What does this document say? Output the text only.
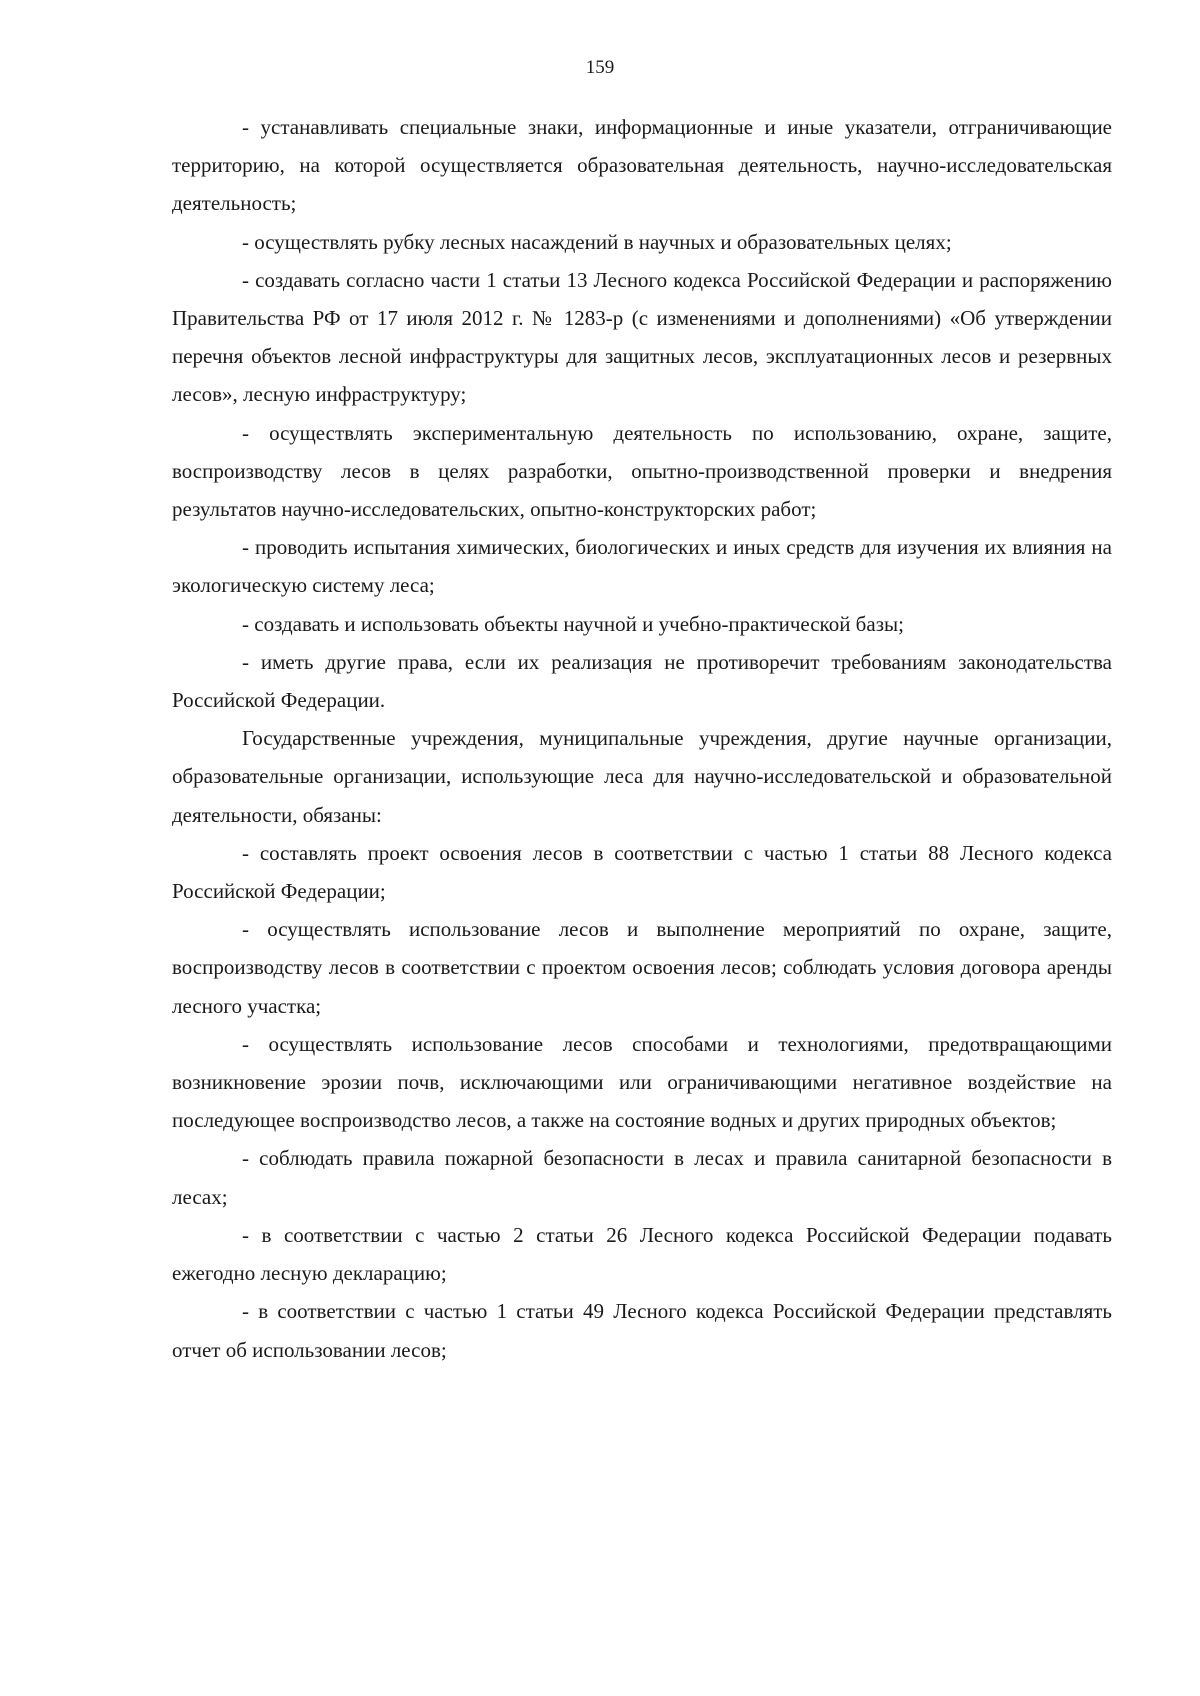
159

- устанавливать специальные знаки, информационные и иные указатели, отграничивающие территорию, на которой осуществляется образовательная деятельность, научно-исследовательская деятельность;

- осуществлять рубку лесных насаждений в научных и образовательных целях;

- создавать согласно части 1 статьи 13 Лесного кодекса Российской Федерации и распоряжению Правительства РФ от 17 июля 2012 г. № 1283-р (с изменениями и дополнениями) «Об утверждении перечня объектов лесной инфраструктуры для защитных лесов, эксплуатационных лесов и резервных лесов», лесную инфраструктуру;

- осуществлять экспериментальную деятельность по использованию, охране, защите, воспроизводству лесов в целях разработки, опытно-производственной проверки и внедрения результатов научно-исследовательских, опытно-конструкторских работ;

- проводить испытания химических, биологических и иных средств для изучения их влияния на экологическую систему леса;

- создавать и использовать объекты научной и учебно-практической базы;

- иметь другие права, если их реализация не противоречит требованиям законодательства Российской Федерации.

Государственные учреждения, муниципальные учреждения, другие научные организации, образовательные организации, использующие леса для научно-исследовательской и образовательной деятельности, обязаны:

- составлять проект освоения лесов в соответствии с частью 1 статьи 88 Лесного кодекса Российской Федерации;

- осуществлять использование лесов и выполнение мероприятий по охране, защите, воспроизводству лесов в соответствии с проектом освоения лесов; соблюдать условия договора аренды лесного участка;

- осуществлять использование лесов способами и технологиями, предотвращающими возникновение эрозии почв, исключающими или ограничивающими негативное воздействие на последующее воспроизводство лесов, а также на состояние водных и других природных объектов;

- соблюдать правила пожарной безопасности в лесах и правила санитарной безопасности в лесах;

- в соответствии с частью 2 статьи 26 Лесного кодекса Российской Федерации подавать ежегодно лесную декларацию;

- в соответствии с частью 1 статьи 49 Лесного кодекса Российской Федерации представлять отчет об использовании лесов;
